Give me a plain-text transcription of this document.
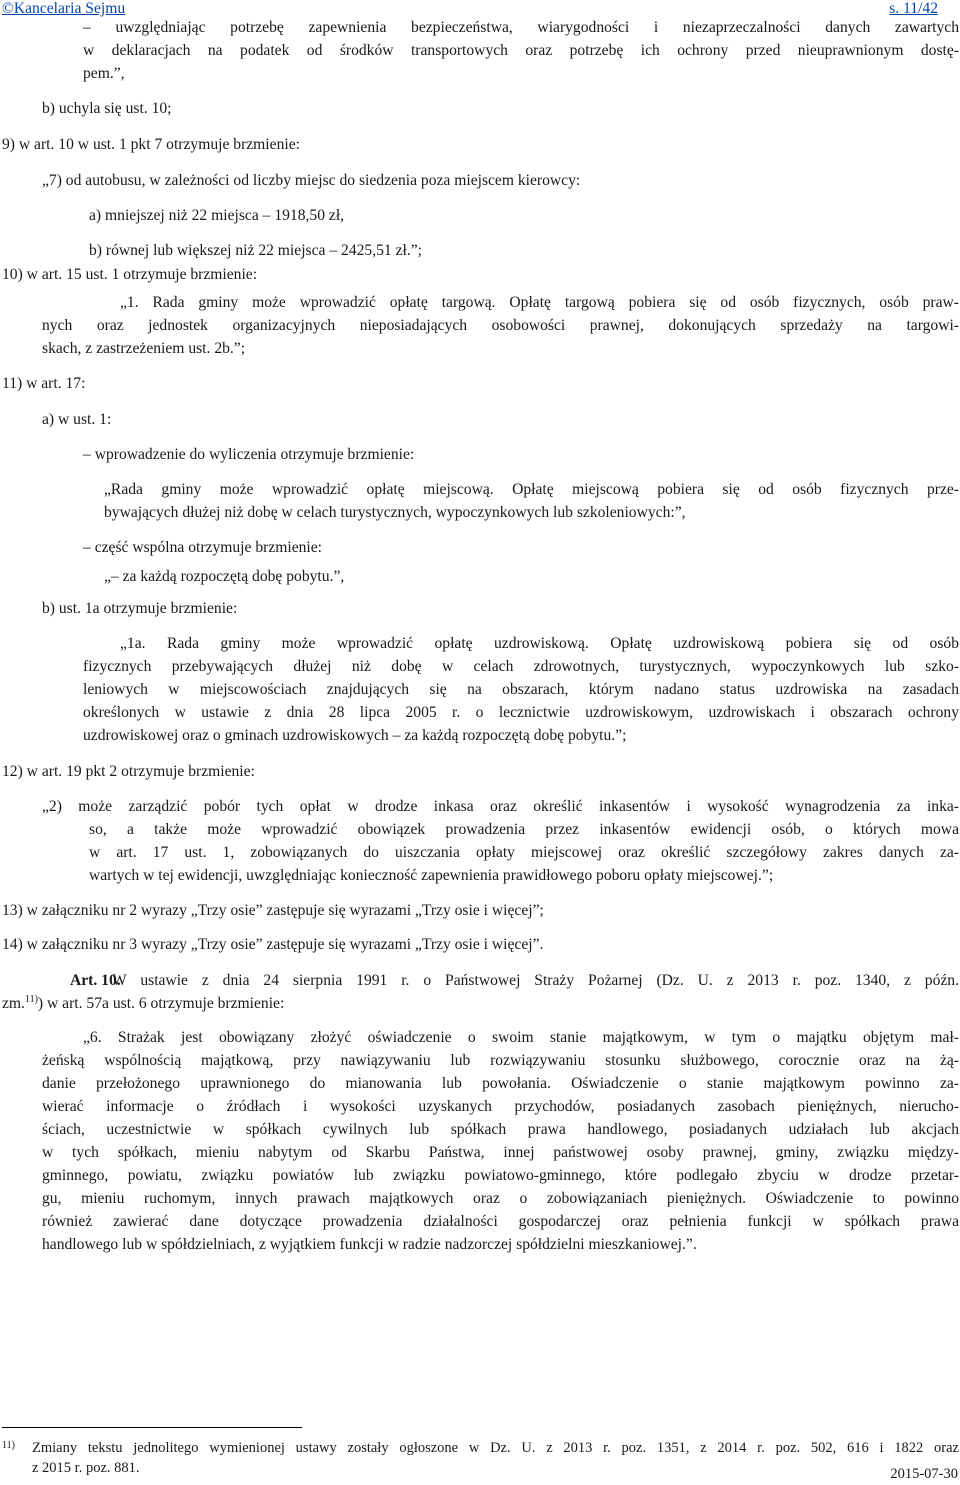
©Kancelaria Sejmu	s. 11/42
– uwzględniając potrzebę zapewnienia bezpieczeństwa, wiarygodności i niezaprzeczalności danych zawartych
w deklaracjach na podatek od środków transportowych oraz potrzebę ich ochrony przed nieuprawnionym dostę-
pem.”,
b) uchyla się ust. 10;
9) w art. 10 w ust. 1 pkt 7 otrzymuje brzmienie:
„7) od autobusu, w zależności od liczby miejsc do siedzenia poza miejscem kierowcy:
a) mniejszej niż 22 miejsca – 1918,50 zł,
b) równej lub większej niż 22 miejsca – 2425,51 zł.”;
10) w art. 15 ust. 1 otrzymuje brzmienie:
„1. Rada gminy może wprowadzić opłatę targową. Opłatę targową pobiera się od osób fizycznych, osób praw-
nych oraz jednostek organizacyjnych nieposiadających osobowości prawnej, dokonujących sprzedaży na targowi-
skach, z zastrzeżeniem ust. 2b.”;
11) w art. 17:
a) w ust. 1:
– wprowadzenie do wyliczenia otrzymuje brzmienie:
„Rada gminy może wprowadzić opłatę miejscową. Opłatę miejscową pobiera się od osób fizycznych prze-
bywających dłużej niż dobę w celach turystycznych, wypoczynkowych lub szkoleniowych:”,
– część wspólna otrzymuje brzmienie:
„– za każdą rozpoczętą dobę pobytu.”,
b) ust. 1a otrzymuje brzmienie:
„1a. Rada gminy może wprowadzić opłatę uzdrowiskową. Opłatę uzdrowiskową pobiera się od osób
fizycznych przebywających dłużej niż dobę w celach zdrowotnych, turystycznych, wypoczynkowych lub szko-
leniowych w miejscowościach znajdujących się na obszarach, którym nadano status uzdrowiska na zasadach
określonych w ustawie z dnia 28 lipca 2005 r. o lecznictwie uzdrowiskowym, uzdrowiskach i obszarach ochrony
uzdrowiskowej oraz o gminach uzdrowiskowych – za każdą rozpoczętą dobę pobytu.”;
12) w art. 19 pkt 2 otrzymuje brzmienie:
„2) może zarządzić pobór tych opłat w drodze inkasa oraz określić inkasentów i wysokość wynagrodzenia za inka-
so, a także może wprowadzić obowiązek prowadzenia przez inkasentów ewidencji osób, o których mowa
w art. 17 ust. 1, zobowiązanych do uiszczania opłaty miejscowej oraz określić szczegółowy zakres danych za-
wartych w tej ewidencji, uwzględniając konieczność zapewnienia prawidłowego poboru opłaty miejscowej.”;
13) w załączniku nr 2 wyrazy „Trzy osie” zastępuje się wyrazami „Trzy osie i więcej”;
14) w załączniku nr 3 wyrazy „Trzy osie” zastępuje się wyrazami „Trzy osie i więcej”.
W ustawie z dnia 24 sierpnia 1991 r. o Państwowej Straży Pożarnej (Dz. U. z 2013 r. poz. 1340, z późn.
„6. Strażak jest obowiązany złożyć oświadczenie o swoim stanie majątkowym, w tym o majątku objętym mał-
żeńską wspólnością majątkową, przy nawiązywaniu lub rozwiązywaniu stosunku służbowego, corocznie oraz na żą-
danie przełożonego uprawnionego do mianowania lub powołania. Oświadczenie o stanie majątkowym powinno za-
wierać informacje o źródłach i wysokości uzyskanych przychodów, posiadanych zasobach pieniężnych, nierucho-
ściach, uczestnictwie w spółkach cywilnych lub spółkach prawa handlowego, posiadanych udziałach lub akcjach
w tych spółkach, mieniu nabytym od Skarbu Państwa, innej państwowej osoby prawnej, gminy, związku między-
gminnego, powiatu, związku powiatów lub związku powiatowo-gminnego, które podlegało zbyciu w drodze przetar-
gu, mieniu ruchomym, innych prawach majątkowych oraz o zobowiązaniach pieniężnych. Oświadczenie to powinno
również zawierać dane dotyczące prowadzenia działalności gospodarczej oraz pełnienia funkcji w spółkach prawa
handlowego lub w spółdzielniach, z wyjątkiem funkcji w radzie nadzorczej spółdzielni mieszkaniowej.”.
Art. 10.
zm.$^{11)}$) w art. 57a ust. 6 otrzymuje brzmienie:
11) Zmiany tekstu jednolitego wymienionej ustawy zostały ogłoszone w Dz. U. z 2013 r. poz. 1351, z 2014 r. poz. 502, 616 i 1822 oraz
z 2015 r. poz. 881.	2015-07-30
